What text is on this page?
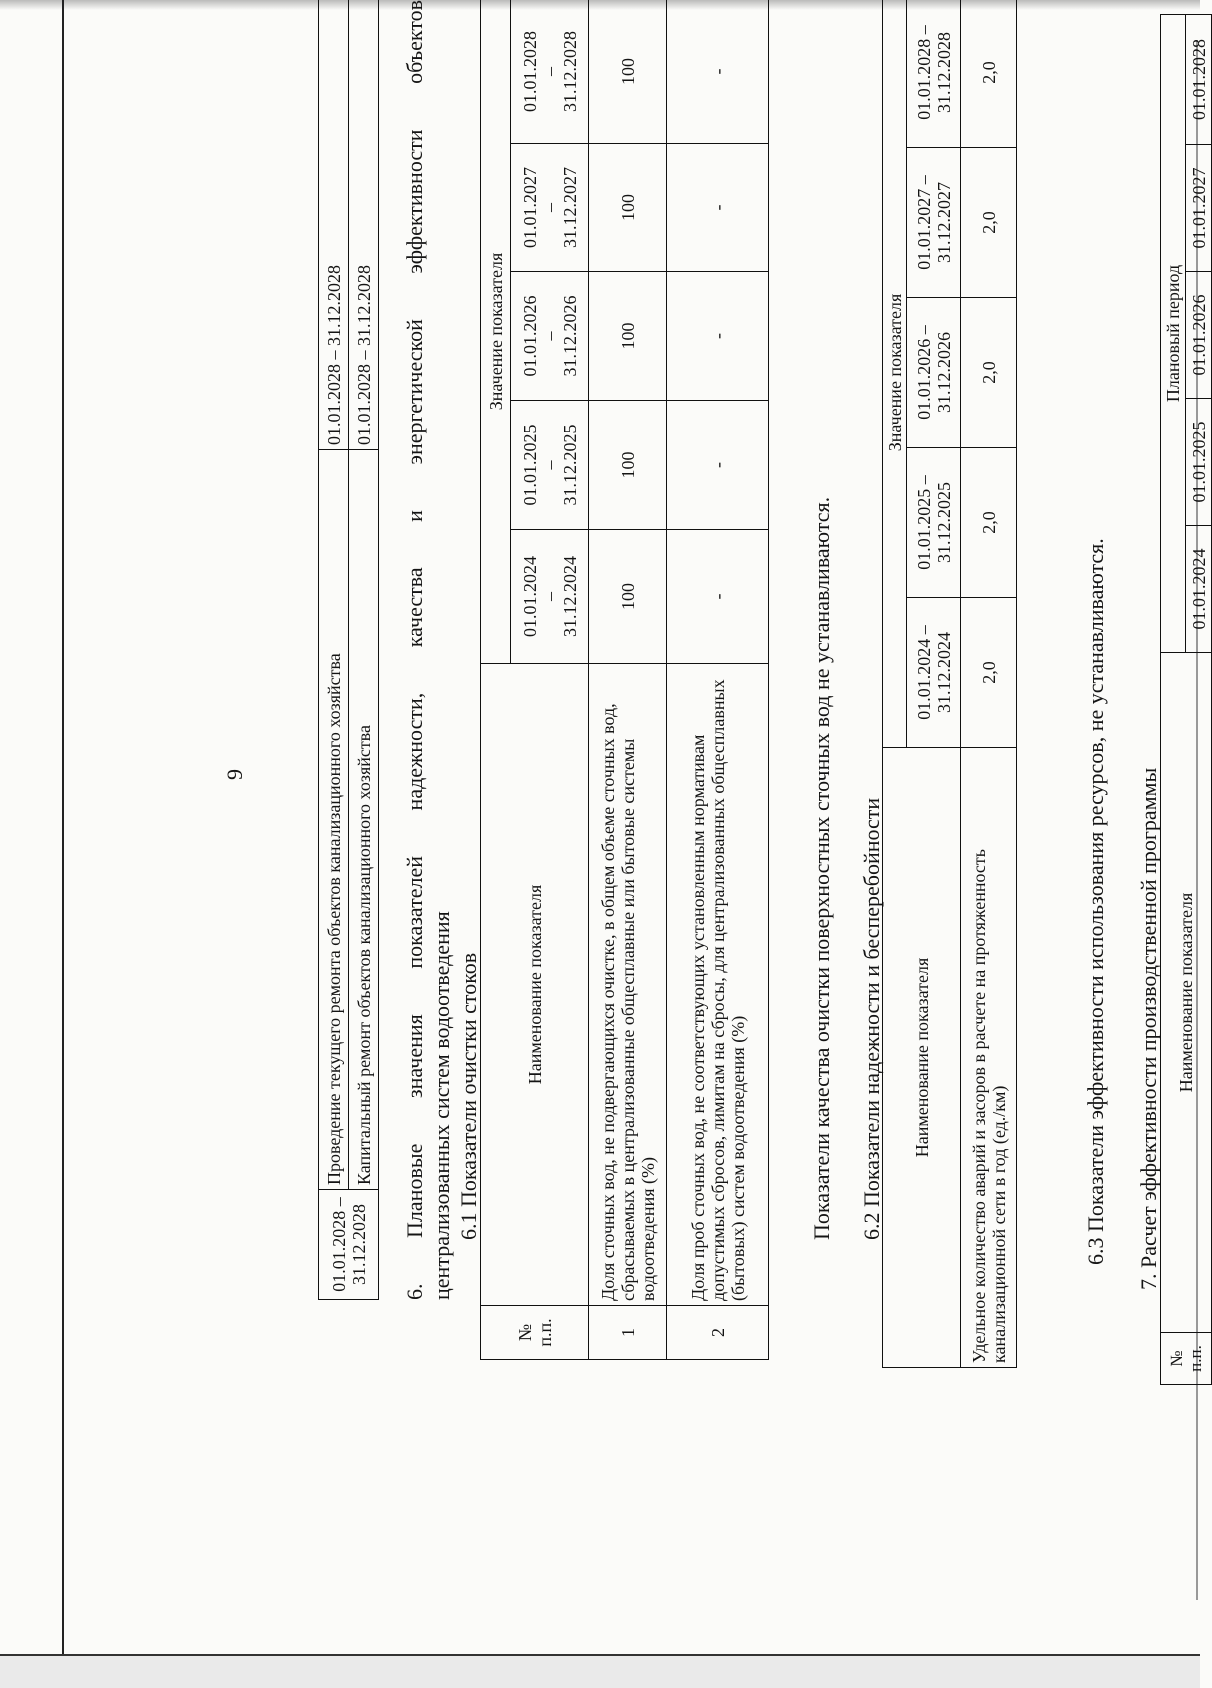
9
01.01.2028 –
31.12.2028	Проведение текущего ремонта объектов канализационного хозяйства	01.01.2028 – 31.12.2028
	Капитальный ремонт объектов канализационного хозяйства	01.01.2028 – 31.12.2028
6.
Плановые
значения
показателей
надежности,
качества
и
энергетической
эффективности
объектов
централизованных систем водоотведения 6.1 Показатели очистки стоков
№
п.п.	Наименование показателя	Значение показателя				
		01.01.2024
–
31.12.2024	01.01.2025
–
31.12.2025	01.01.2026
–
31.12.2026	01.01.2027
–
31.12.2027	01.01.2028
–
31.12.2028
1	Доля сточных вод, не подвергающихся очистке, в общем объеме сточных вод, сбрасываемых в централизованные общесплавные или бытовые системы водоотведения (%)	100	100	100	100	100
2	Доля проб сточных вод, не соответствующих установленным нормативам допустимых сбросов, лимитам на сбросы, для централизованных общесплавных (бытовых) систем водоотведения (%)	-	-	-	-	-
Показатели качества очистки поверхностных сточных вод не устанавливаются. 6.2 Показатели надежности и бесперебойности Наименование показателя	Значение показателя				
	01.01.2024 –
31.12.2024	01.01.2025 –
31.12.2025	01.01.2026 –
31.12.2026	01.01.2027 –
31.12.2027	01.01.2028 –
31.12.2028
Удельное количество аварий и засоров в расчете на протяженность канализационной сети в год (ед./км)	2,0	2,0	2,0	2,0	2,0
6.3 Показатели эффективности использования ресурсов, не устанавливаются. 7. Расчет эффективности производственной программы
№
п.п.	Наименование показателя	Плановый период				
		01.01.2024	01.01.2025	01.01.2026	01.01.2027	01.01.2028
